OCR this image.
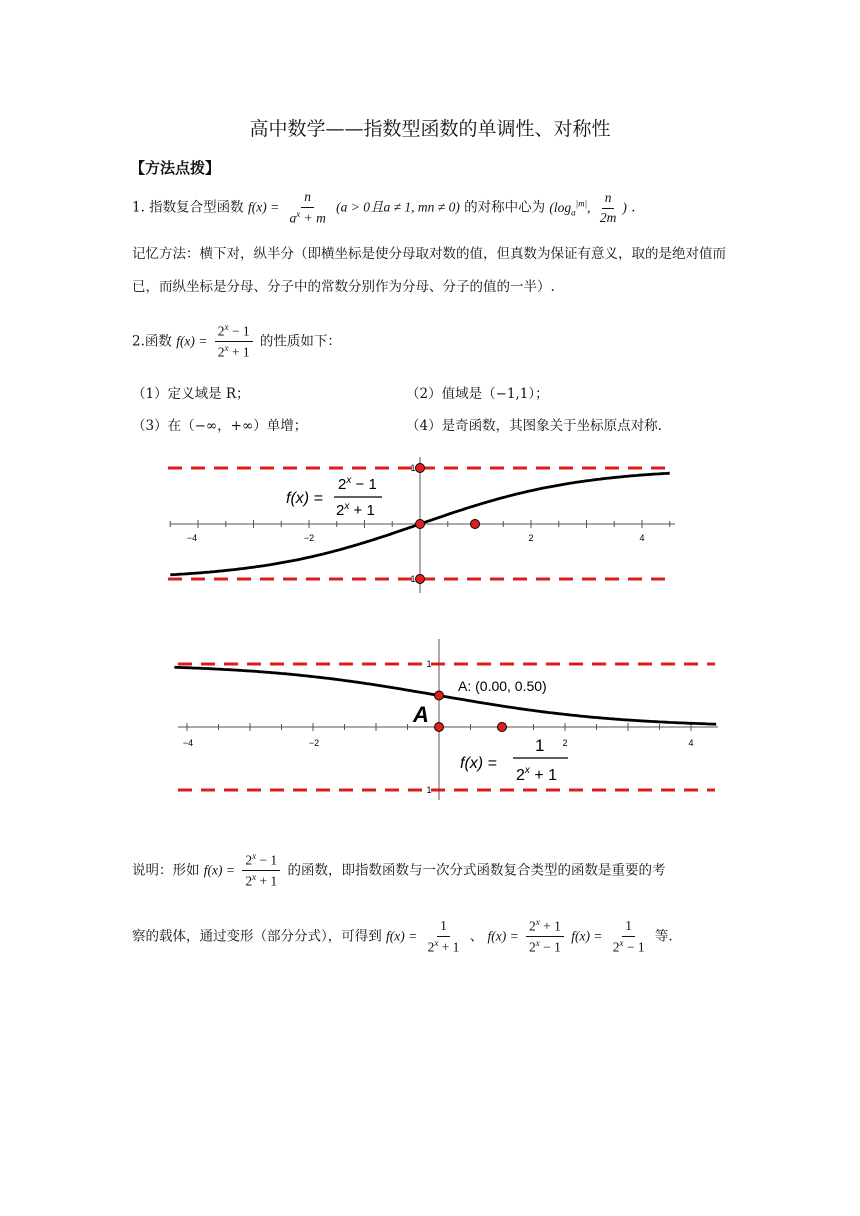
高中数学——指数型函数的单调性、对称性
【方法点拨】
1. 指数复合型函数 $f(x) = \frac{n}{a^x + m} (a > 0$且a ≠ 1, mn ≠ 0) 的对称中心为 ($\log_a^{|m|}$, $\frac{n}{2m}$ ) .
记忆方法：横下对，纵半分（即横坐标是使分母取对数的值，但真数为保证有意义，取的是绝对值而已，而纵坐标是分母、分子中的常数分别作为分母、分子的值的一半）.
2.函数 $f(x) = \frac{2^x - 1}{2^x + 1}$ 的性质如下：
（1）定义域是 R；	（2）值域是（−1,1）；
（3）在（−∞，+∞）单增；	（4）是奇函数，其图象关于坐标原点对称.
−4	−2	2	4
1
1
f(x) =
$2^x - 1$
$2^x + 1$
−4	−2	2	4
1
1
A
A: (0.00, 0.50)
f(x) =
1
$2^x + 1$
说明：形如 $f(x) = \frac{2^x - 1}{2^x + 1}$ 的函数，即指数函数与一次分式函数复合类型的函数是重要的考
察的载体，通过变形（部分分式），可得到 $f(x) = \frac{1}{2^x + 1}$ 、 $f(x) = \frac{2^x + 1}{2^x - 1} f(x) = \frac{1}{2^x - 1}$ 等.
